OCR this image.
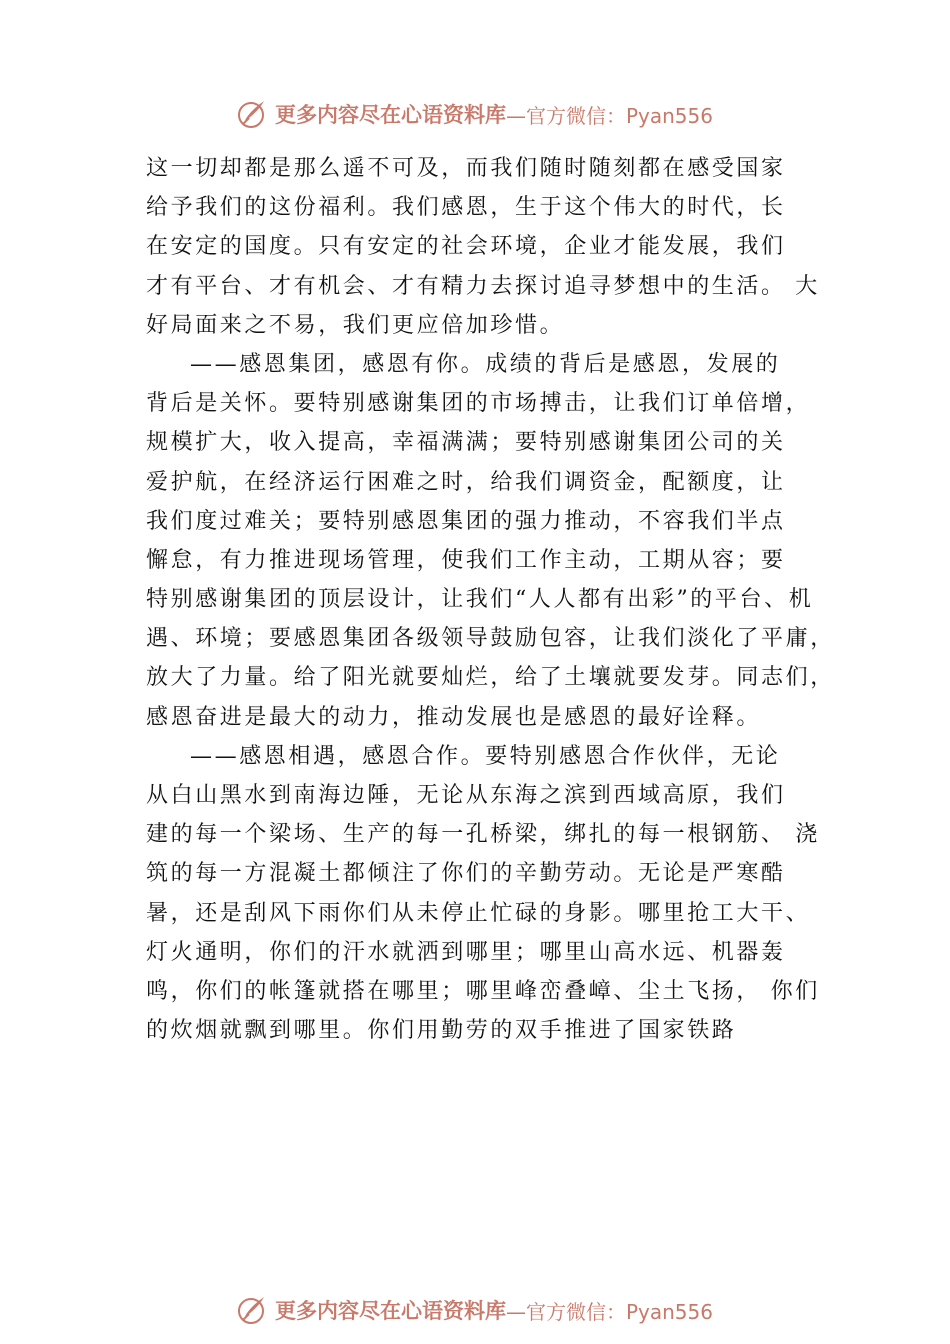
更多内容尽在心语资料库 —官方微信：Pyan556
这一切却都是那么遥不可及，而我们随时随刻都在感受国家
给予我们的这份福利。我们感恩，生于这个伟大的时代，长
在安定的国度。只有安定的社会环境，企业才能发展，我们
才有平台、才有机会、才有精力去探讨追寻梦想中的生活。 大
好局面来之不易，我们更应倍加珍惜。
——感恩集团，感恩有你。成绩的背后是感恩，发展的
背后是关怀。要特别感谢集团的市场搏击，让我们订单倍增，
规模扩大，收入提高，幸福满满；要特别感谢集团公司的关
爱护航，在经济运行困难之时，给我们调资金，配额度，让
我们度过难关；要特别感恩集团的强力推动，不容我们半点
懈怠，有力推进现场管理，使我们工作主动，工期从容；要
特别感谢集团的顶层设计，让我们“人人都有出彩”的平台、机
遇、环境；要感恩集团各级领导鼓励包容，让我们淡化了平庸，
放大了力量。给了阳光就要灿烂，给了土壤就要发芽。同志们，
感恩奋进是最大的动力，推动发展也是感恩的最好诠释。
——感恩相遇，感恩合作。要特别感恩合作伙伴，无论
从白山黑水到南海边陲，无论从东海之滨到西域高原，我们
建的每一个梁场、生产的每一孔桥梁，绑扎的每一根钢筋、 浇
筑的每一方混凝土都倾注了你们的辛勤劳动。无论是严寒酷
暑，还是刮风下雨你们从未停止忙碌的身影。哪里抢工大干、
灯火通明，你们的汗水就洒到哪里；哪里山高水远、机器轰
鸣，你们的帐篷就搭在哪里；哪里峰峦叠嶂、尘土飞扬， 你们
的炊烟就飘到哪里。你们用勤劳的双手推进了国家铁路
更多内容尽在心语资料库 —官方微信：Pyan556
